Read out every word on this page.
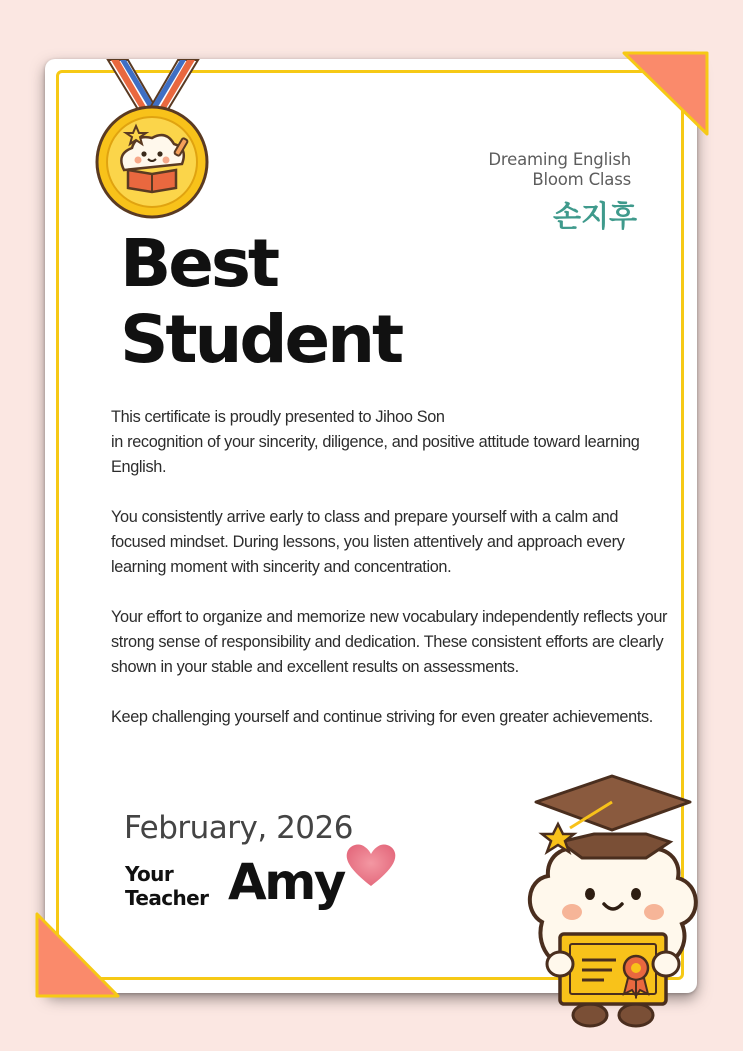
Dreaming English
Bloom Class
손지후
Best
Student

This certificate is proudly presented to Jihoo Son
in recognition of your sincerity, diligence, and positive attitude toward learning English.

You consistently arrive early to class and prepare yourself with a calm and focused mindset. During lessons, you listen attentively and approach every learning moment with sincerity and concentration.

Your effort to organize and memorize new vocabulary independently reflects your strong sense of responsibility and dedication. These consistent efforts are clearly shown in your stable and excellent results on assessments.

Keep challenging yourself and continue striving for even greater achievements.

February, 2026
Your
Teacher Amy
